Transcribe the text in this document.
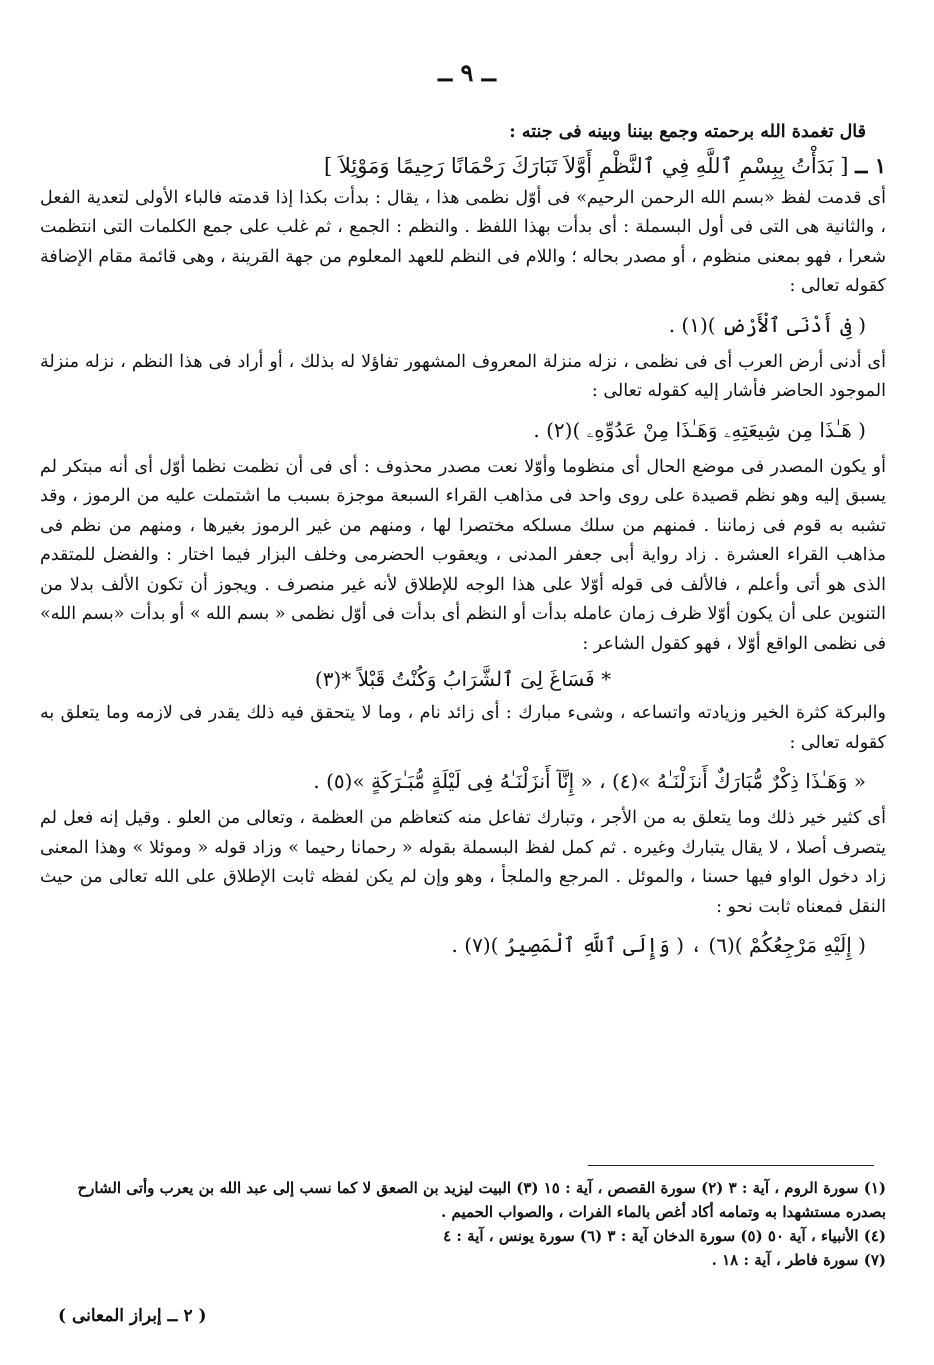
ــ ٩ ــ

قال تغمدة الله برحمته وجمع بيننا وبينه فى جنته :

١ ــ [ بَدَأْتُ بِبِسْمِ ٱللَّهِ فِي ٱلنَّظْمِ أَوَّلاَ تَبَارَكَ رَحْمَانًا رَحِيمًا وَمَوْئِلاَ ]

أى قدمت لفظ «بسم الله الرحمن الرحيم» فى أوّل نظمى هذا ، يقال : بدأت بكذا إذا قدمته فالباء الأولى لتعدية الفعل ، والثانية هى التى فى أول البسملة : أى بدأت بهذا اللفظ . والنظم : الجمع ، ثم غلب على جمع الكلمات التى انتظمت شعرا ، فهو بمعنى منظوم ، أو مصدر بحاله ؛ واللام فى النظم للعهد المعلوم من جهة القرينة ، وهى قائمة مقام الإضافة كقوله تعالى :

( فِى أَدْنَى ٱلْأَرْضِ )(١) .

أى أدنى أرض العرب أى فى نظمى ، نزله منزلة المعروف المشهور تفاؤلا له بذلك ، أو أراد فى هذا النظم ، نزله منزلة الموجود الحاضر فأشار إليه كقوله تعالى :

( هَـٰذَا مِن شِيعَتِهِۦ وَهَـٰذَا مِنْ عَدُوِّهِۦ )(٢) .

أو يكون المصدر فى موضع الحال أى منظوما وأوّلا نعت مصدر محذوف : أى فى أن نظمت نظما أوّل أى أنه مبتكر لم يسبق إليه وهو نظم قصيدة على روى واحد فى مذاهب القراء السبعة موجزة بسبب ما اشتملت عليه من الرموز ، وقد تشبه به قوم فى زماننا . فمنهم من سلك مسلكه مختصرا لها ، ومنهم من غير الرموز بغيرها ، ومنهم من نظم فى مذاهب القراء العشرة . زاد رواية أبى جعفر المدنى ، ويعقوب الحضرمى وخلف البزار فيما اختار : والفضل للمتقدم الذى هو أتى وأعلم ، فالألف فى قوله أوّلا على هذا الوجه للإطلاق لأنه غير منصرف . ويجوز أن تكون الألف بدلا من التنوين على أن يكون أوّلا ظرف زمان عامله بدأت أو النظم أى بدأت فى أوّل نظمى « بسم الله » أو بدأت «بسم الله» فى نظمى الواقع أوّلا ، فهو كقول الشاعر :

* فَسَاغَ لِىَ ٱلشَّرَابُ وَكُنْتُ قَبْلاً *(٣)

والبركة كثرة الخير وزيادته واتساعه ، وشىء مبارك : أى زائد نام ، وما لا يتحقق فيه ذلك يقدر فى لازمه وما يتعلق به كقوله تعالى :

« وَهَـٰذَا ذِكْرٌ مُّبَارَكٌ أَنزَلْنَـٰهُ »(٤) ، « إِنَّآ أَنزَلْنَـٰهُ فِى لَيْلَةٍ مُّبَـٰرَكَةٍ »(٥) .

أى كثير خير ذلك وما يتعلق به من الأجر ، وتبارك تفاعل منه كتعاظم من العظمة ، وتعالى من العلو . وقيل إنه فعل لم يتصرف أصلا ، لا يقال يتبارك وغيره . ثم كمل لفظ البسملة بقوله « رحمانا رحيما » وزاد قوله « وموئلا » وهذا المعنى زاد دخول الواو فيها حسنا ، والموئل . المرجع والملجأ ، وهو وإن لم يكن لفظه ثابت الإطلاق على الله تعالى من حيث النقل فمعناه ثابت نحو :

( إِلَيْهِ مَرْجِعُكُمْ )(٦) ، ( وَإِلَى ٱللَّهِ ٱلْمَصِيرُ )(٧) .

(١) سورة الروم ، آية : ٣ (٢) سورة القصص ، آية : ١٥ (٣) البيت ليزيد بن الصعق لا كما نسب إلى عبد الله بن يعرب وأتى الشارح بصدره مستشهدا به وتمامه أكاد أغص بالماء الفرات ، والصواب الحميم .

(٤) الأنبياء ، آية ٥٠ (٥) سورة الدخان آية : ٣ (٦) سورة يونس ، آية : ٤

(٧) سورة فاطر ، آية : ١٨ .

( ٢ ــ إبراز المعانى )
